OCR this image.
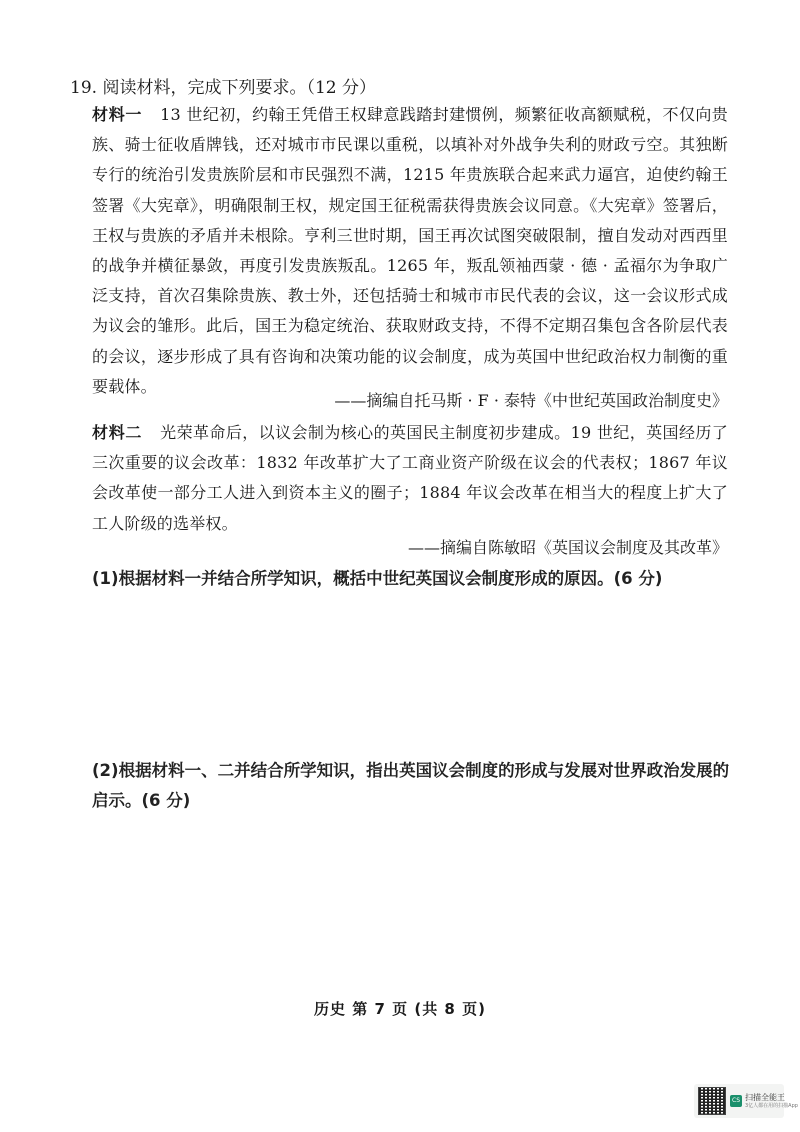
19. 阅读材料，完成下列要求。（12 分）
材料一 13 世纪初，约翰王凭借王权肆意践踏封建惯例，频繁征收高额赋税，不仅向贵族、骑士征收盾牌钱，还对城市市民课以重税，以填补对外战争失利的财政亏空。其独断专行的统治引发贵族阶层和市民强烈不满，1215 年贵族联合起来武力逼宫，迫使约翰王签署《大宪章》，明确限制王权，规定国王征税需获得贵族会议同意。《大宪章》签署后，王权与贵族的矛盾并未根除。亨利三世时期，国王再次试图突破限制，擅自发动对西西里的战争并横征暴敛，再度引发贵族叛乱。1265 年，叛乱领袖西蒙 · 德 · 孟福尔为争取广泛支持，首次召集除贵族、教士外，还包括骑士和城市市民代表的会议，这一会议形式成为议会的雏形。此后，国王为稳定统治、获取财政支持，不得不定期召集包含各阶层代表的会议，逐步形成了具有咨询和决策功能的议会制度，成为英国中世纪政治权力制衡的重要载体。
——摘编自托马斯 · F · 泰特《中世纪英国政治制度史》
材料二 光荣革命后，以议会制为核心的英国民主制度初步建成。19 世纪，英国经历了三次重要的议会改革：1832 年改革扩大了工商业资产阶级在议会的代表权；1867 年议会改革使一部分工人进入到资本主义的圈子；1884 年议会改革在相当大的程度上扩大了工人阶级的选举权。
——摘编自陈敏昭《英国议会制度及其改革》
(1)根据材料一并结合所学知识，概括中世纪英国议会制度形成的原因。(6 分)
(2)根据材料一、二并结合所学知识，指出英国议会制度的形成与发展对世界政治发展的启示。(6 分)
历史 第 7 页 (共 8 页)
CS 扫描全能王
3亿人都在用的扫描App
